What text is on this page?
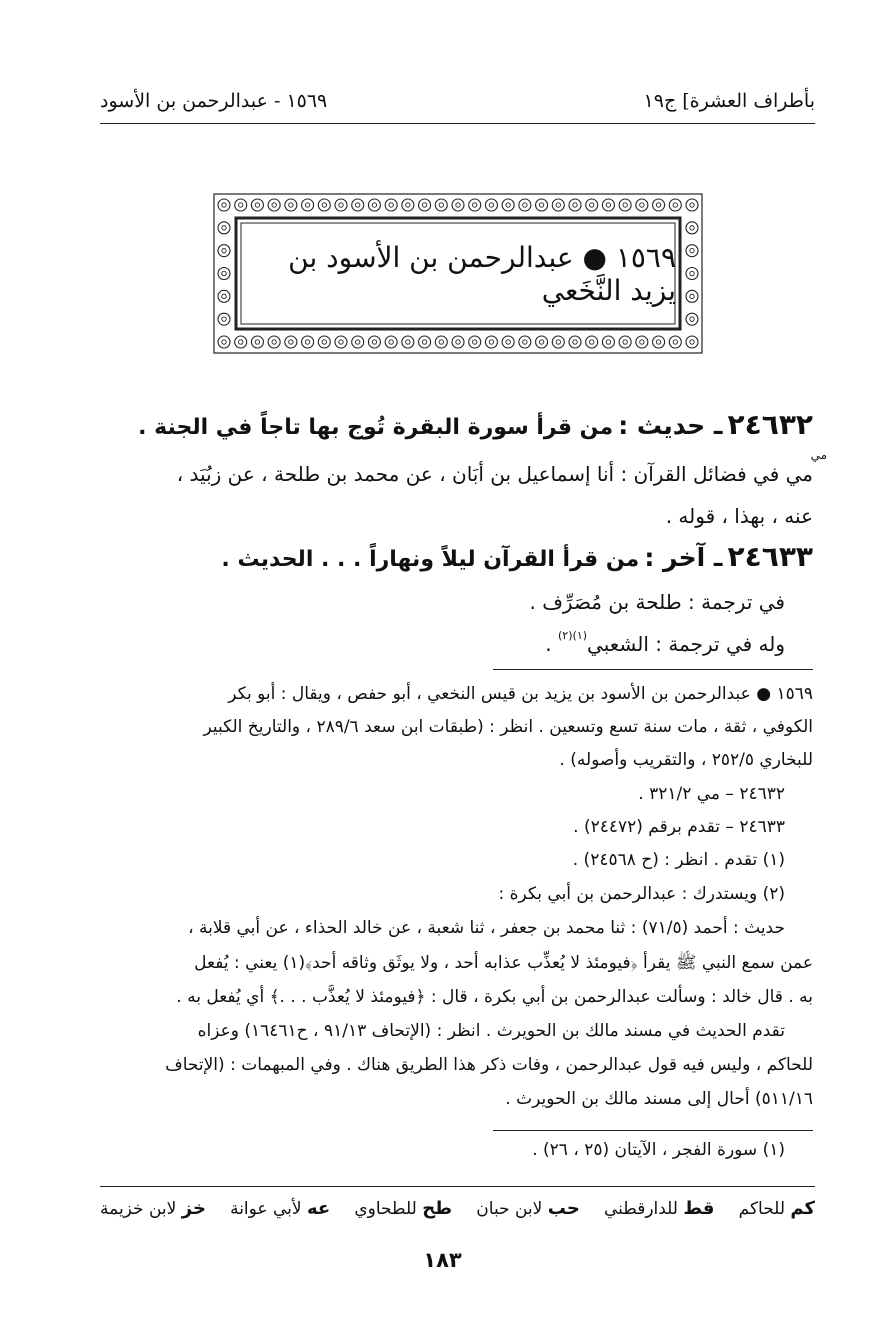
بأطراف العشرة] ج١٩
١٥٦٩ - عبدالرحمن بن الأسود
١٥٦٩ ● عبدالرحمن بن الأسود بن يزيد النَّخَعي
٢٤٦٣٢ ـ حديث : من قرأ سورة البقرة تُوج بها تاجاً في الجنة .
مي
مي في فضائل القرآن : أنا إسماعيل بن أبَان ، عن محمد بن طلحة ، عن زبُيَد ،
عنه ، بهذا ، قوله .
٢٤٦٣٣ ـ آخر : من قرأ القرآن ليلاً ونهاراً . . . الحديث .
في ترجمة : طلحة بن مُصَرِّف .
وله في ترجمة : الشعبي$^{(١)(٢)}$ .
١٥٦٩ ● عبدالرحمن بن الأسود بن يزيد بن قيس النخعي ، أبو حفص ، ويقال : أبو بكر
الكوفي ، ثقة ، مات سنة تسع وتسعين . انظر : (طبقات ابن سعد ٢٨٩/٦ ، والتاريخ الكبير
للبخاري ٢٥٢/٥ ، والتقريب وأصوله) .
٢٤٦٣٢ – مي ٣٢١/٢ .
٢٤٦٣٣ – تقدم برقم (٢٤٤٧٢) .
(١) تقدم . انظر : (ح ٢٤٥٦٨) .
(٢) ويستدرك : عبدالرحمن بن أبي بكرة :
حديث : أحمد (٧١/٥) : ثنا محمد بن جعفر ، ثنا شعبة ، عن خالد الحذاء ، عن أبي قلابة ،
عمن سمع النبي ﷺ يقرأ ﴿فيومئذ لا يُعذِّب عذابه أحد ، ولا يوثَق وثاقه أحد﴾(١) يعني : يُفعل
به . قال خالد : وسألت عبدالرحمن بن أبي بكرة ، قال : ﴿فيومئذ لا يُعذَّب . . .﴾ أي يُفعل به .
تقدم الحديث في مسند مالك بن الحويرث . انظر : (الإتحاف ٩١/١٣ ، ح١٦٤٦١) وعزاه
للحاكم ، وليس فيه قول عبدالرحمن ، وفات ذكر هذا الطريق هناك . وفي المبهمات : (الإتحاف
٥١١/١٦) أحال إلى مسند مالك بن الحويرث .
(١) سورة الفجر ، الآيتان (٢٥ ، ٢٦) .
خز لابن خزيمة	عه لأبي عوانة	طح للطحاوي	حب لابن حبان	قط للدارقطني	كم للحاكم
١٨٣
